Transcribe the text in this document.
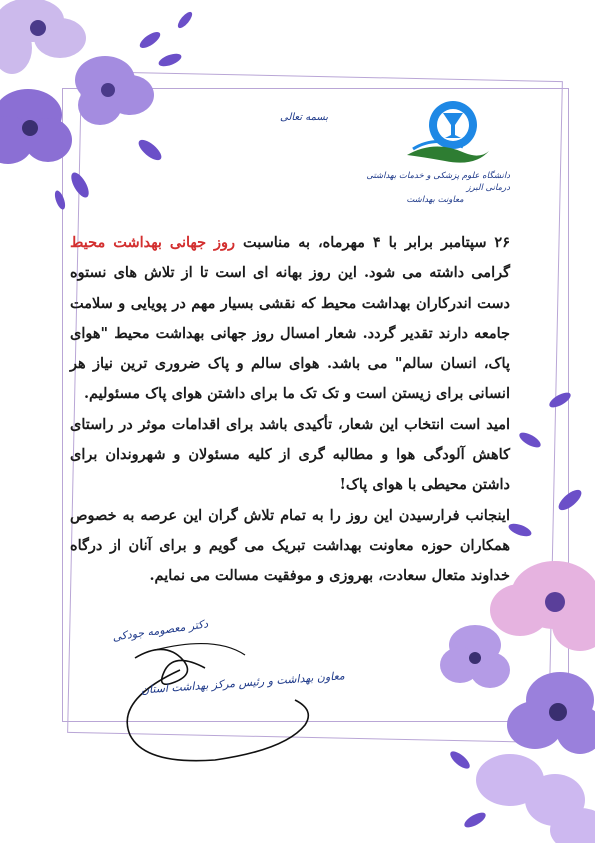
بسمه تعالی
دانشگاه علوم پزشکی و خدمات بهداشتی درمانی البرز
معاونت بهداشت
۲۶ سپتامبر برابر با ۴ مهرماه، به مناسبت روز جهانی بهداشت محیط گرامی داشته می شود. این روز بهانه ای است تا از تلاش های نستوه دست اندرکاران بهداشت محیط که نقشی بسیار مهم در پویایی و سلامت جامعه دارند تقدیر گردد. شعار امسال روز جهانی بهداشت محیط "هوای پاک، انسان سالم" می باشد. هوای سالم و پاک ضروری ترین نیاز هر انسانی برای زیستن است و تک تک ما برای داشتن هوای پاک مسئولیم.
امید است انتخاب این شعار، تأکیدی باشد برای اقدامات موثر در راستای کاهش آلودگی هوا و مطالبه گری از کلیه مسئولان و شهروندان برای داشتن محیطی با هوای پاک!
اینجانب فرارسیدن این روز را به تمام تلاش گران این عرصه به خصوص همکاران حوزه معاونت بهداشت تبریک می گویم و برای آنان از درگاه خداوند متعال سعادت، بهروزی و موفقیت مسالت می نمایم.
دکتر معصومه جودکی
معاون بهداشت و رئیس مرکز بهداشت استان
